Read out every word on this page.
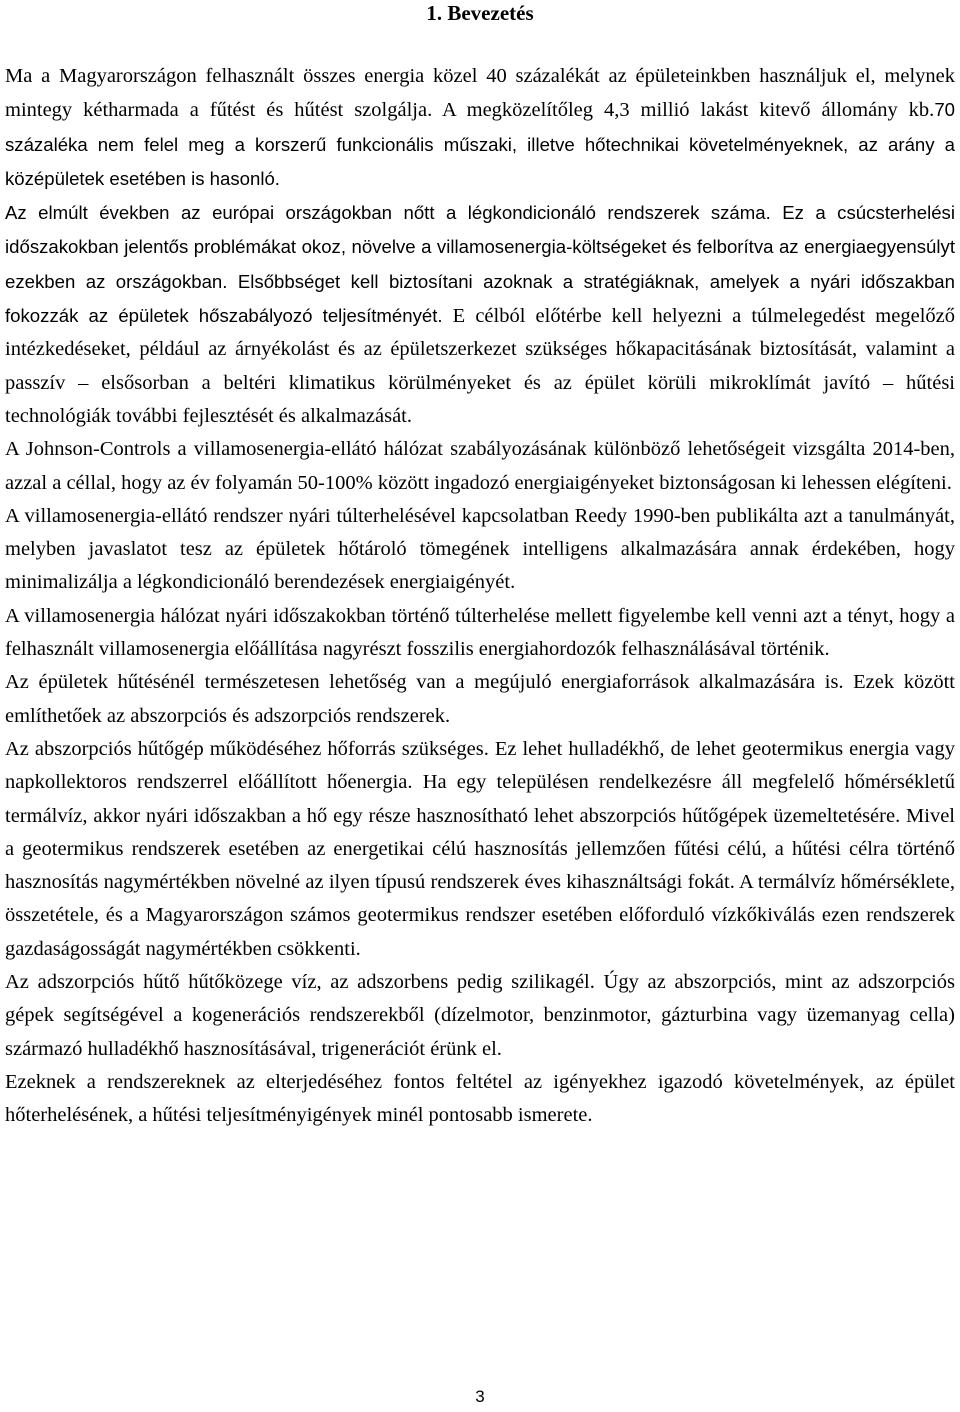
1. Bevezetés

Ma a Magyarországon felhasznált összes energia közel 40 százalékát az épületeinkben használjuk el, melynek mintegy kétharmada a fűtést és hűtést szolgálja. A megközelítőleg 4,3 millió lakást kitevő állomány kb.70 százaléka nem felel meg a korszerű funkcionális műszaki, illetve hőtechnikai követelményeknek, az arány a középületek esetében is hasonló.

Az elmúlt években az európai országokban nőtt a légkondicionáló rendszerek száma. Ez a csúcsterhelési időszakokban jelentős problémákat okoz, növelve a villamosenergia-költségeket és felborítva az energiaegyensúlyt ezekben az országokban. Elsőbbséget kell biztosítani azoknak a stratégiáknak, amelyek a nyári időszakban fokozzák az épületek hőszabályozó teljesítményét. E célból előtérbe kell helyezni a túlmelegedést megelőző intézkedéseket, például az árnyékolást és az épületszerkezet szükséges hőkapacitásának biztosítását, valamint a passzív – elsősorban a beltéri klimatikus körülményeket és az épület körüli mikroklímát javító – hűtési technológiák további fejlesztését és alkalmazását.

A Johnson-Controls a villamosenergia-ellátó hálózat szabályozásának különböző lehetőségeit vizsgálta 2014-ben, azzal a céllal, hogy az év folyamán 50-100% között ingadozó energiaigényeket biztonságosan ki lehessen elégíteni.

A villamosenergia-ellátó rendszer nyári túlterhelésével kapcsolatban Reedy 1990-ben publikálta azt a tanulmányát, melyben javaslatot tesz az épületek hőtároló tömegének intelligens alkalmazására annak érdekében, hogy minimalizálja a légkondicionáló berendezések energiaigényét.

A villamosenergia hálózat nyári időszakokban történő túlterhelése mellett figyelembe kell venni azt a tényt, hogy a felhasznált villamosenergia előállítása nagyrészt fosszilis energiahordozók felhasználásával történik.

Az épületek hűtésénél természetesen lehetőség van a megújuló energiaforrások alkalmazására is. Ezek között említhetőek az abszorpciós és adszorpciós rendszerek.

Az abszorpciós hűtőgép működéséhez hőforrás szükséges. Ez lehet hulladékhő, de lehet geotermikus energia vagy napkollektoros rendszerrel előállított hőenergia. Ha egy településen rendelkezésre áll megfelelő hőmérsékletű termálvíz, akkor nyári időszakban a hő egy része hasznosítható lehet abszorpciós hűtőgépek üzemeltetésére. Mivel a geotermikus rendszerek esetében az energetikai célú hasznosítás jellemzően fűtési célú, a hűtési célra történő hasznosítás nagymértékben növelné az ilyen típusú rendszerek éves kihasználtsági fokát. A termálvíz hőmérséklete, összetétele, és a Magyarországon számos geotermikus rendszer esetében előforduló vízkőkiválás ezen rendszerek gazdaságosságát nagymértékben csökkenti.

Az adszorpciós hűtő hűtőközege víz, az adszorbens pedig szilikagél. Úgy az abszorpciós, mint az adszorpciós gépek segítségével a kogenerációs rendszerekből (dízelmotor, benzinmotor, gázturbina vagy üzemanyag cella) származó hulladékhő hasznosításával, trigenerációt érünk el.

Ezeknek a rendszereknek az elterjedéséhez fontos feltétel az igényekhez igazodó követelmények, az épület hőterhelésének, a hűtési teljesítményigények minél pontosabb ismerete.

3
